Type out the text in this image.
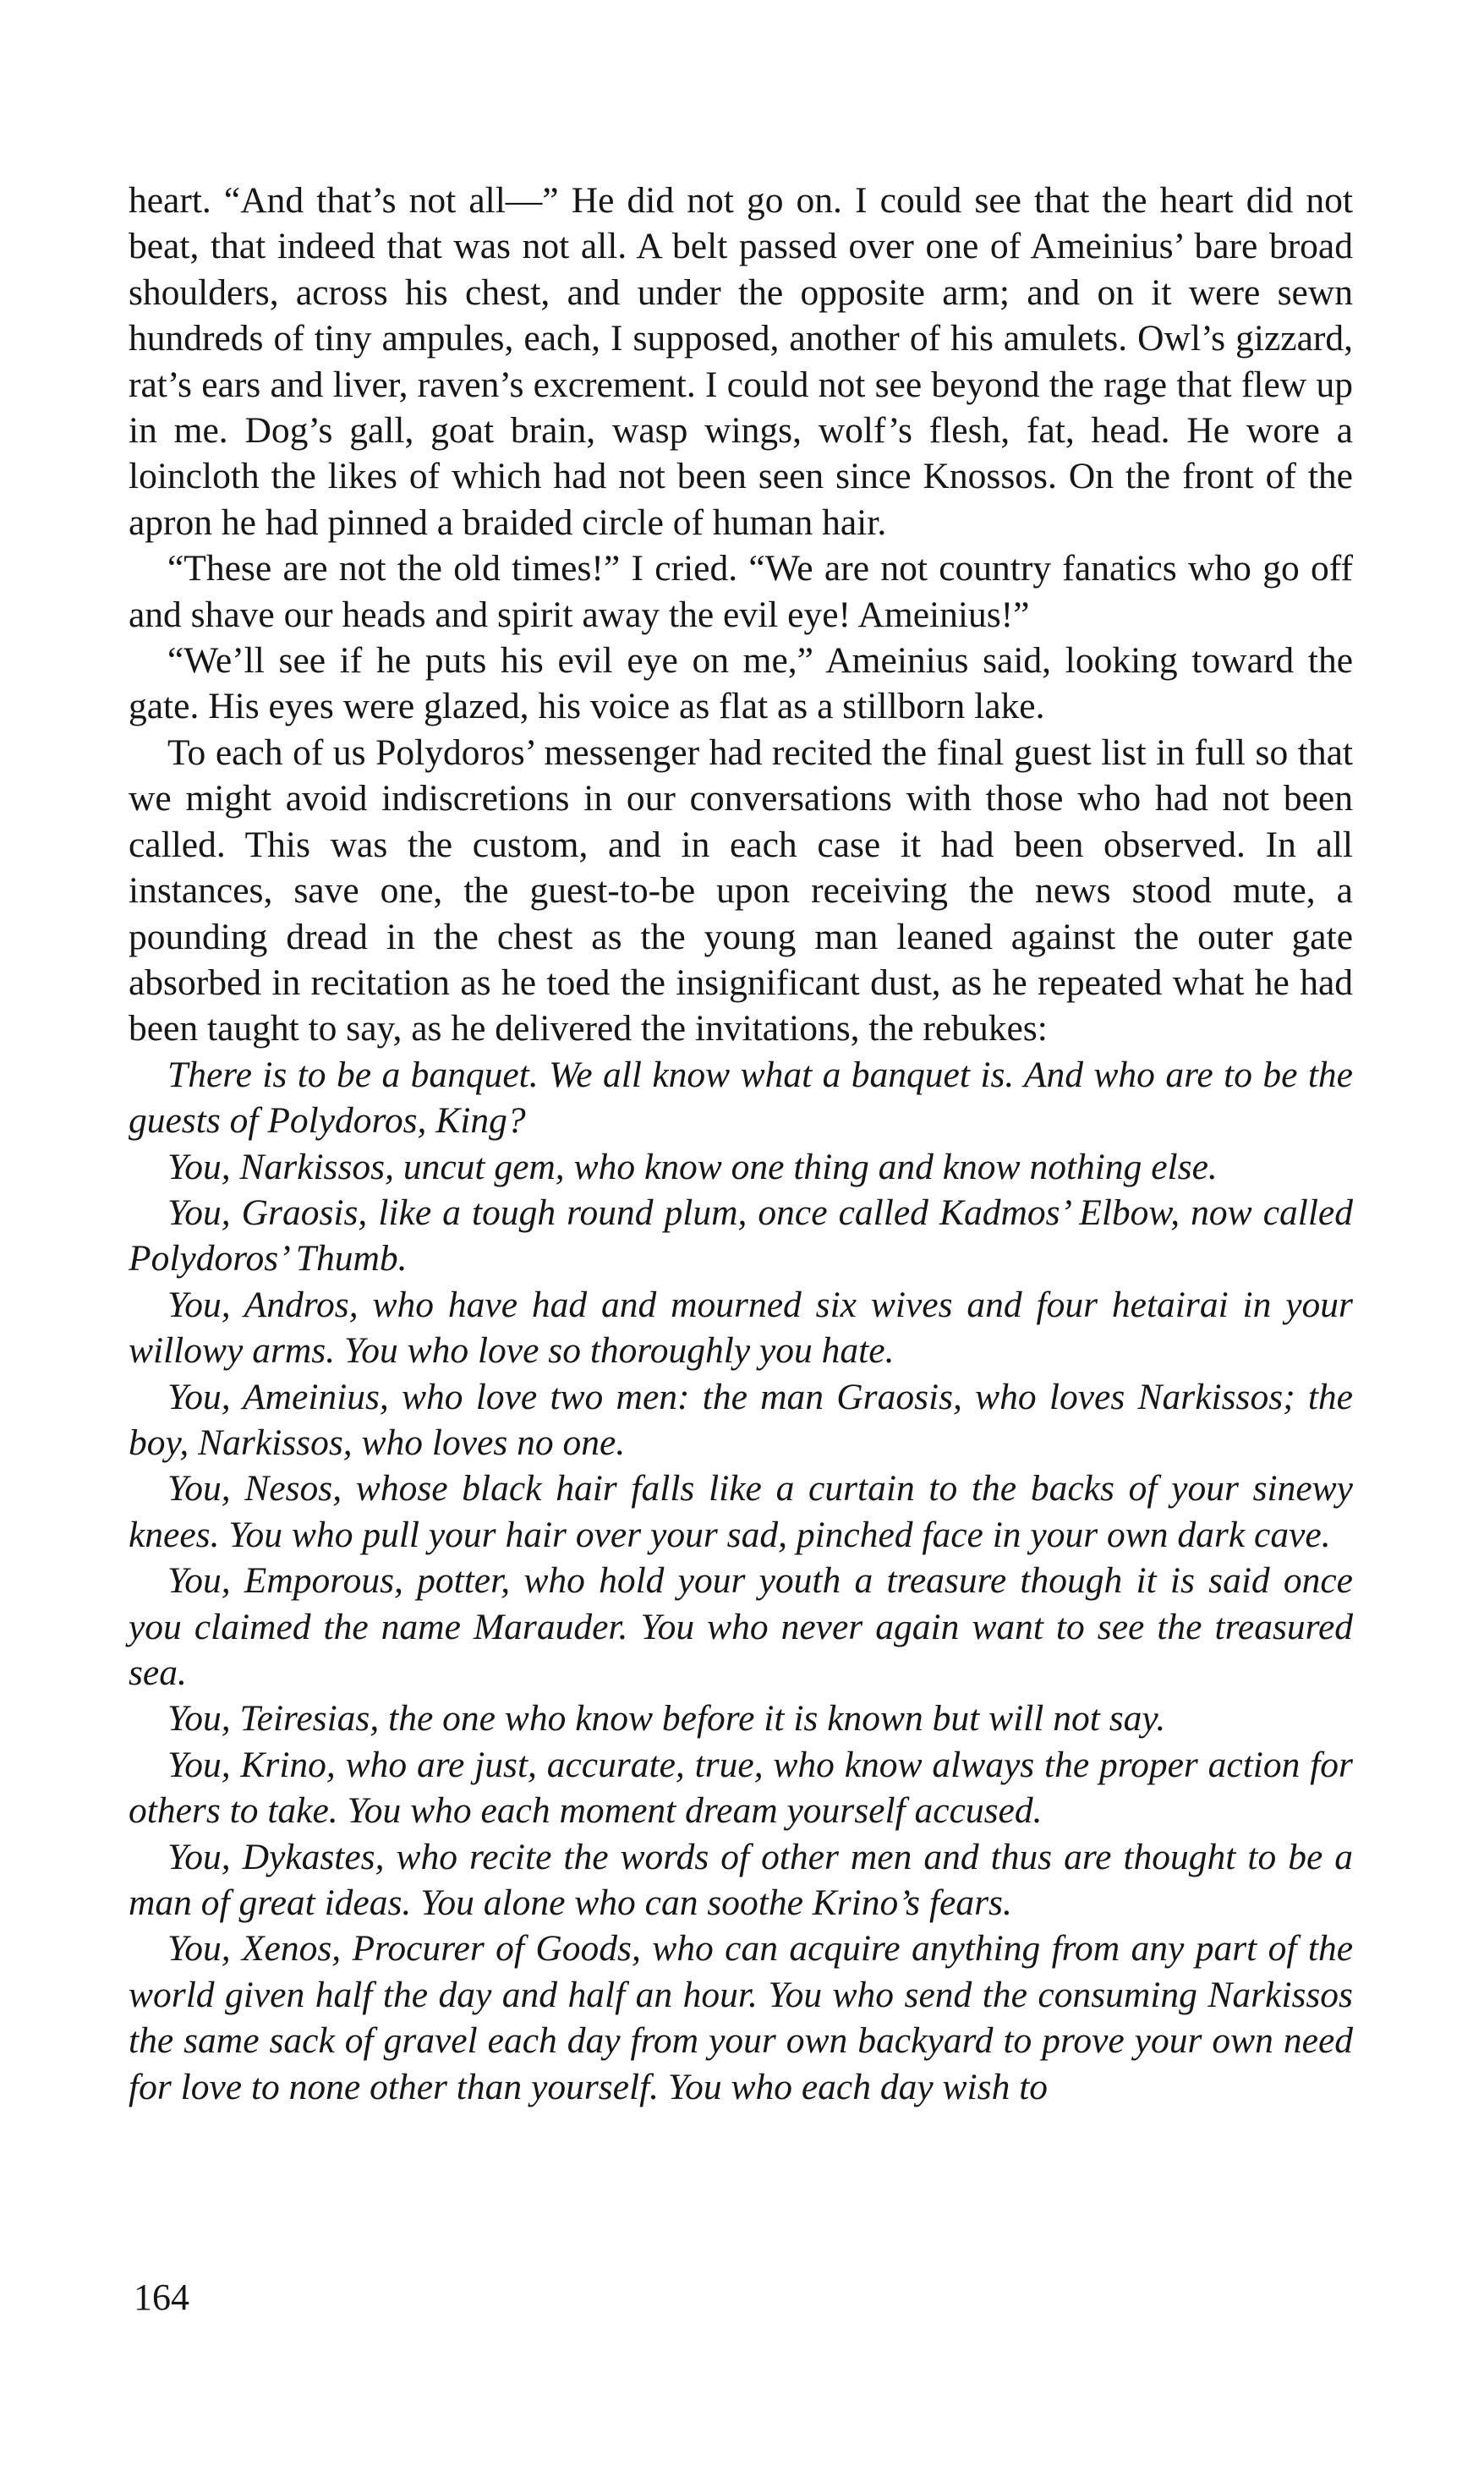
heart. “And that’s not all—” He did not go on. I could see that the heart did not beat, that indeed that was not all. A belt passed over one of Ameinius’ bare broad shoulders, across his chest, and under the opposite arm; and on it were sewn hundreds of tiny ampules, each, I supposed, another of his amulets. Owl’s gizzard, rat’s ears and liver, raven’s excrement. I could not see beyond the rage that flew up in me. Dog’s gall, goat brain, wasp wings, wolf’s flesh, fat, head. He wore a loincloth the likes of which had not been seen since Knossos. On the front of the apron he had pinned a braided circle of human hair.

“These are not the old times!” I cried. “We are not country fanatics who go off and shave our heads and spirit away the evil eye! Ameinius!”

“We’ll see if he puts his evil eye on me,” Ameinius said, looking toward the gate. His eyes were glazed, his voice as flat as a stillborn lake.

To each of us Polydoros’ messenger had recited the final guest list in full so that we might avoid indiscretions in our conversations with those who had not been called. This was the custom, and in each case it had been observed. In all instances, save one, the guest-to-be upon receiving the news stood mute, a pounding dread in the chest as the young man leaned against the outer gate absorbed in recitation as he toed the insignificant dust, as he repeated what he had been taught to say, as he delivered the invitations, the rebukes:

There is to be a banquet. We all know what a banquet is. And who are to be the guests of Polydoros, King?

You, Narkissos, uncut gem, who know one thing and know nothing else.

You, Graosis, like a tough round plum, once called Kadmos’ Elbow, now called Polydoros’ Thumb.

You, Andros, who have had and mourned six wives and four hetairai in your willowy arms. You who love so thoroughly you hate.

You, Ameinius, who love two men: the man Graosis, who loves Narkissos; the boy, Narkissos, who loves no one.

You, Nesos, whose black hair falls like a curtain to the backs of your sinewy knees. You who pull your hair over your sad, pinched face in your own dark cave.

You, Emporous, potter, who hold your youth a treasure though it is said once you claimed the name Marauder. You who never again want to see the treasured sea.

You, Teiresias, the one who know before it is known but will not say.

You, Krino, who are just, accurate, true, who know always the proper action for others to take. You who each moment dream yourself accused.

You, Dykastes, who recite the words of other men and thus are thought to be a man of great ideas. You alone who can soothe Krino’s fears.

You, Xenos, Procurer of Goods, who can acquire anything from any part of the world given half the day and half an hour. You who send the consuming Narkissos the same sack of gravel each day from your own backyard to prove your own need for love to none other than yourself. You who each day wish to

164
